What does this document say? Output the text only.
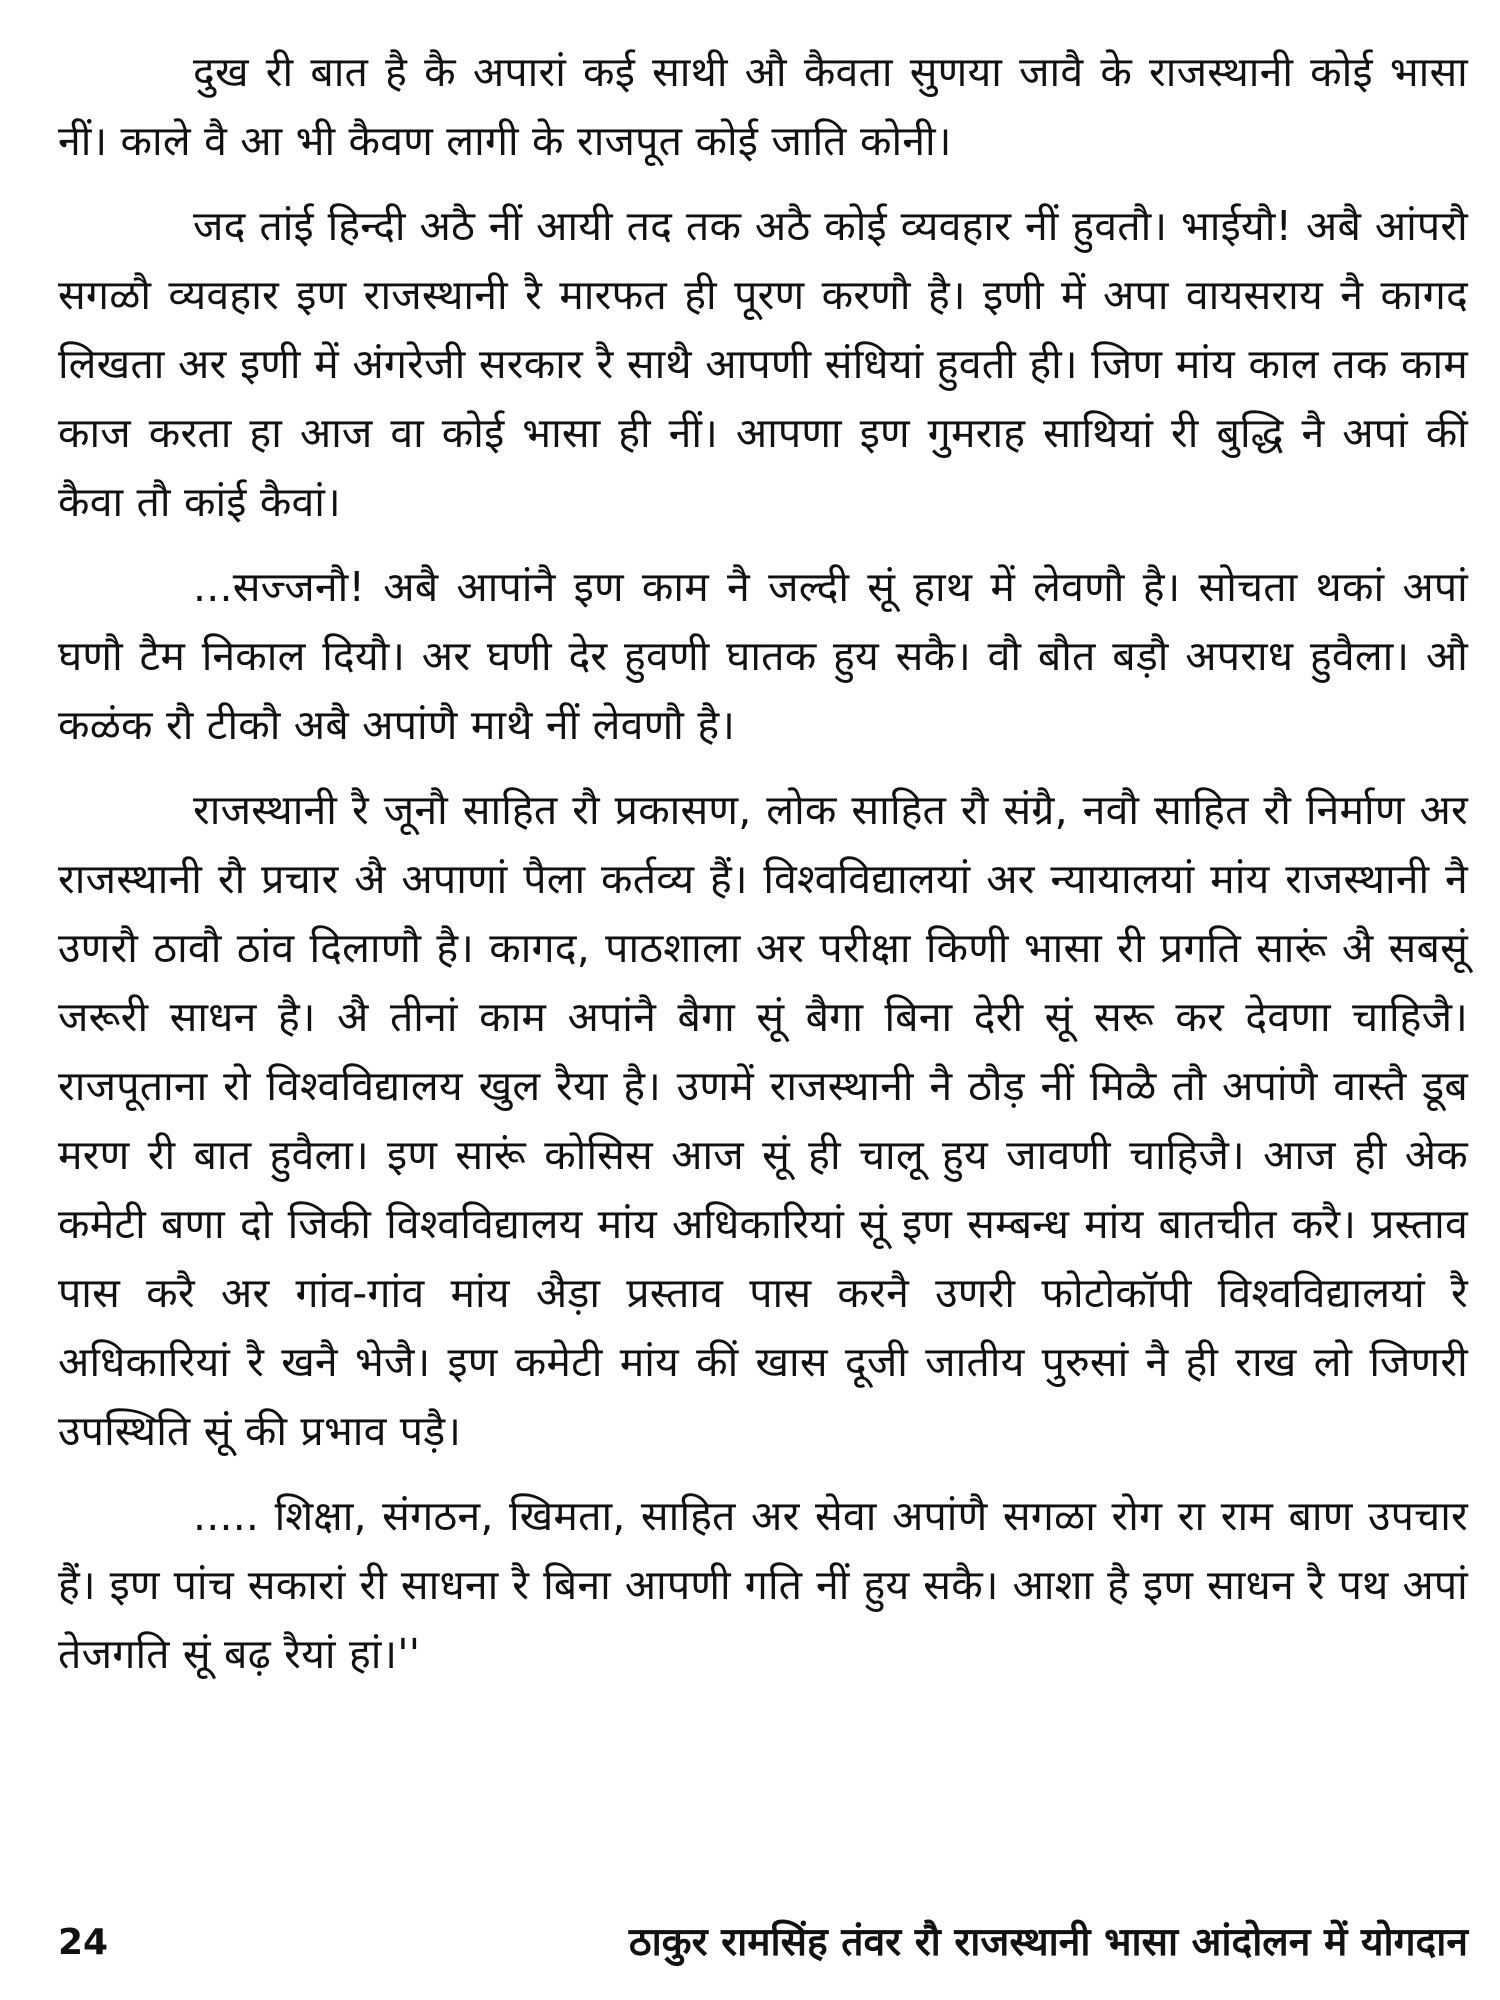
दुख री बात है कै अपारां कई साथी औ कैवता सुणया जावै के राजस्थानी कोई भासा नीं। काले वै आ भी कैवण लागी के राजपूत कोई जाति कोनी।

जद तांई हिन्दी अठै नीं आयी तद तक अठै कोई व्यवहार नीं हुवतौ। भाईयौ! अबै आंपरौ सगळौ व्यवहार इण राजस्थानी रै मारफत ही पूरण करणौ है। इणी में अपा वायसराय नै कागद लिखता अर इणी में अंगरेजी सरकार रै साथै आपणी संधियां हुवती ही। जिण मांय काल तक काम काज करता हा आज वा कोई भासा ही नीं। आपणा इण गुमराह साथियां री बुद्धि नै अपां कीं कैवा तौ कांई कैवां।

...सज्जनौ! अबै आपांनै इण काम नै जल्दी सूं हाथ में लेवणौ है। सोचता थकां अपां घणौ टैम निकाल दियौ। अर घणी देर हुवणी घातक हुय सकै। वौ बौत बड़ौ अपराध हुवैला। औ कळंक रौ टीकौ अबै अपांणै माथै नीं लेवणौ है।

राजस्थानी रै जूनौ साहित रौ प्रकासण, लोक साहित रौ संग्रै, नवौ साहित रौ निर्माण अर राजस्थानी रौ प्रचार अै अपाणां पैला कर्तव्य हैं। विश्वविद्यालयां अर न्यायालयां मांय राजस्थानी नै उणरौ ठावौ ठांव दिलाणौ है। कागद, पाठशाला अर परीक्षा किणी भासा री प्रगति सारूं अै सबसूं जरूरी साधन है। अै तीनां काम अपांनै बैगा सूं बैगा बिना देरी सूं सरू कर देवणा चाहिजै। राजपूताना रो विश्वविद्यालय खुल रैया है। उणमें राजस्थानी नै ठौड़ नीं मिळै तौ अपांणै वास्तै डूब मरण री बात हुवैला। इण सारूं कोसिस आज सूं ही चालू हुय जावणी चाहिजै। आज ही अेक कमेटी बणा दो जिकी विश्वविद्यालय मांय अधिकारियां सूं इण सम्बन्ध मांय बातचीत करै। प्रस्ताव पास करै अर गांव-गांव मांय अैड़ा प्रस्ताव पास करनै उणरी फोटोकॉपी विश्वविद्यालयां रै अधिकारियां रै खनै भेजै। इण कमेटी मांय कीं खास दूजी जातीय पुरुसां नै ही राख लो जिणरी उपस्थिति सूं की प्रभाव पड़ै।

..... शिक्षा, संगठन, खिमता, साहित अर सेवा अपांणै सगळा रोग रा राम बाण उपचार हैं। इण पांच सकारां री साधना रै बिना आपणी गति नीं हुय सकै। आशा है इण साधन रै पथ अपां तेजगति सूं बढ़ रैयां हां।''

24	ठाकुर रामसिंह तंवर रौ राजस्थानी भासा आंदोलन में योगदान
